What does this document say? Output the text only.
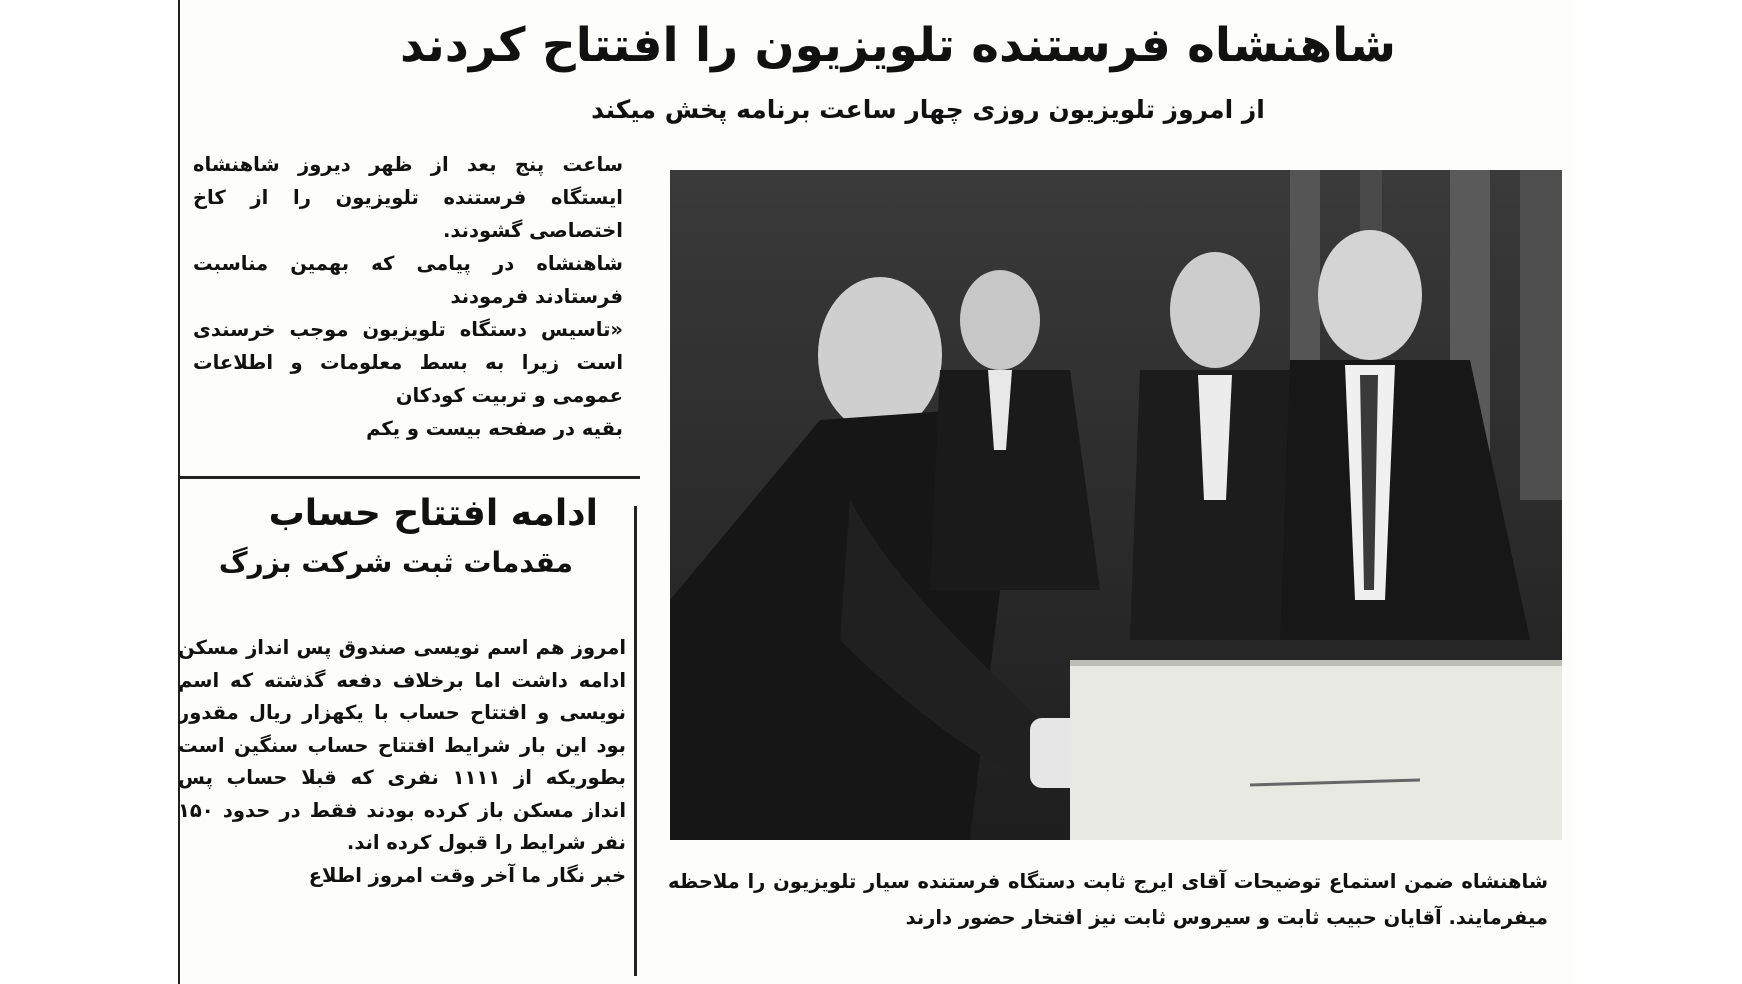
شاهنشاه فرستنده تلویزیون را افتتاح کردند
از امروز تلویزیون روزی چهار ساعت برنامه پخش میکند

ساعت پنج بعد از ظهر دیروز شاهنشاه ایستگاه فرستنده تلویزیون را از کاخ اختصاصی گشودند.

شاهنشاه در پیامی که بهمین مناسبت فرستادند فرمودند

«تاسیس دستگاه تلویزیون موجب خرسندی است زیرا به بسط معلومات و اطلاعات عمومی و تربیت کودکان

بقیه در صفحه بیست و یکم

ادامه افتتاح حساب
مقدمات ثبت شرکت بزرگ

امروز هم اسم نویسی صندوق پس انداز مسکن ادامه داشت اما برخلاف دفعه گذشته که اسم نویسی و افتتاح حساب با یکهزار ریال مقدور بود این بار شرایط افتتاح حساب سنگین است بطوریکه از ۱۱۱۱ نفری که قبلا حساب پس انداز مسکن باز کرده بودند فقط در حدود ۱۵۰ نفر شرایط را قبول کرده اند.

خبر نگار ما آخر وقت امروز اطلاع شاهنشاه ضمن استماع توضیحات آقای ایرج ثابت دستگاه فرستنده سیار تلویزیون را ملاحظه میفرمایند. آقایان حبیب ثابت و سیروس ثابت نیز افتخار حضور دارند
